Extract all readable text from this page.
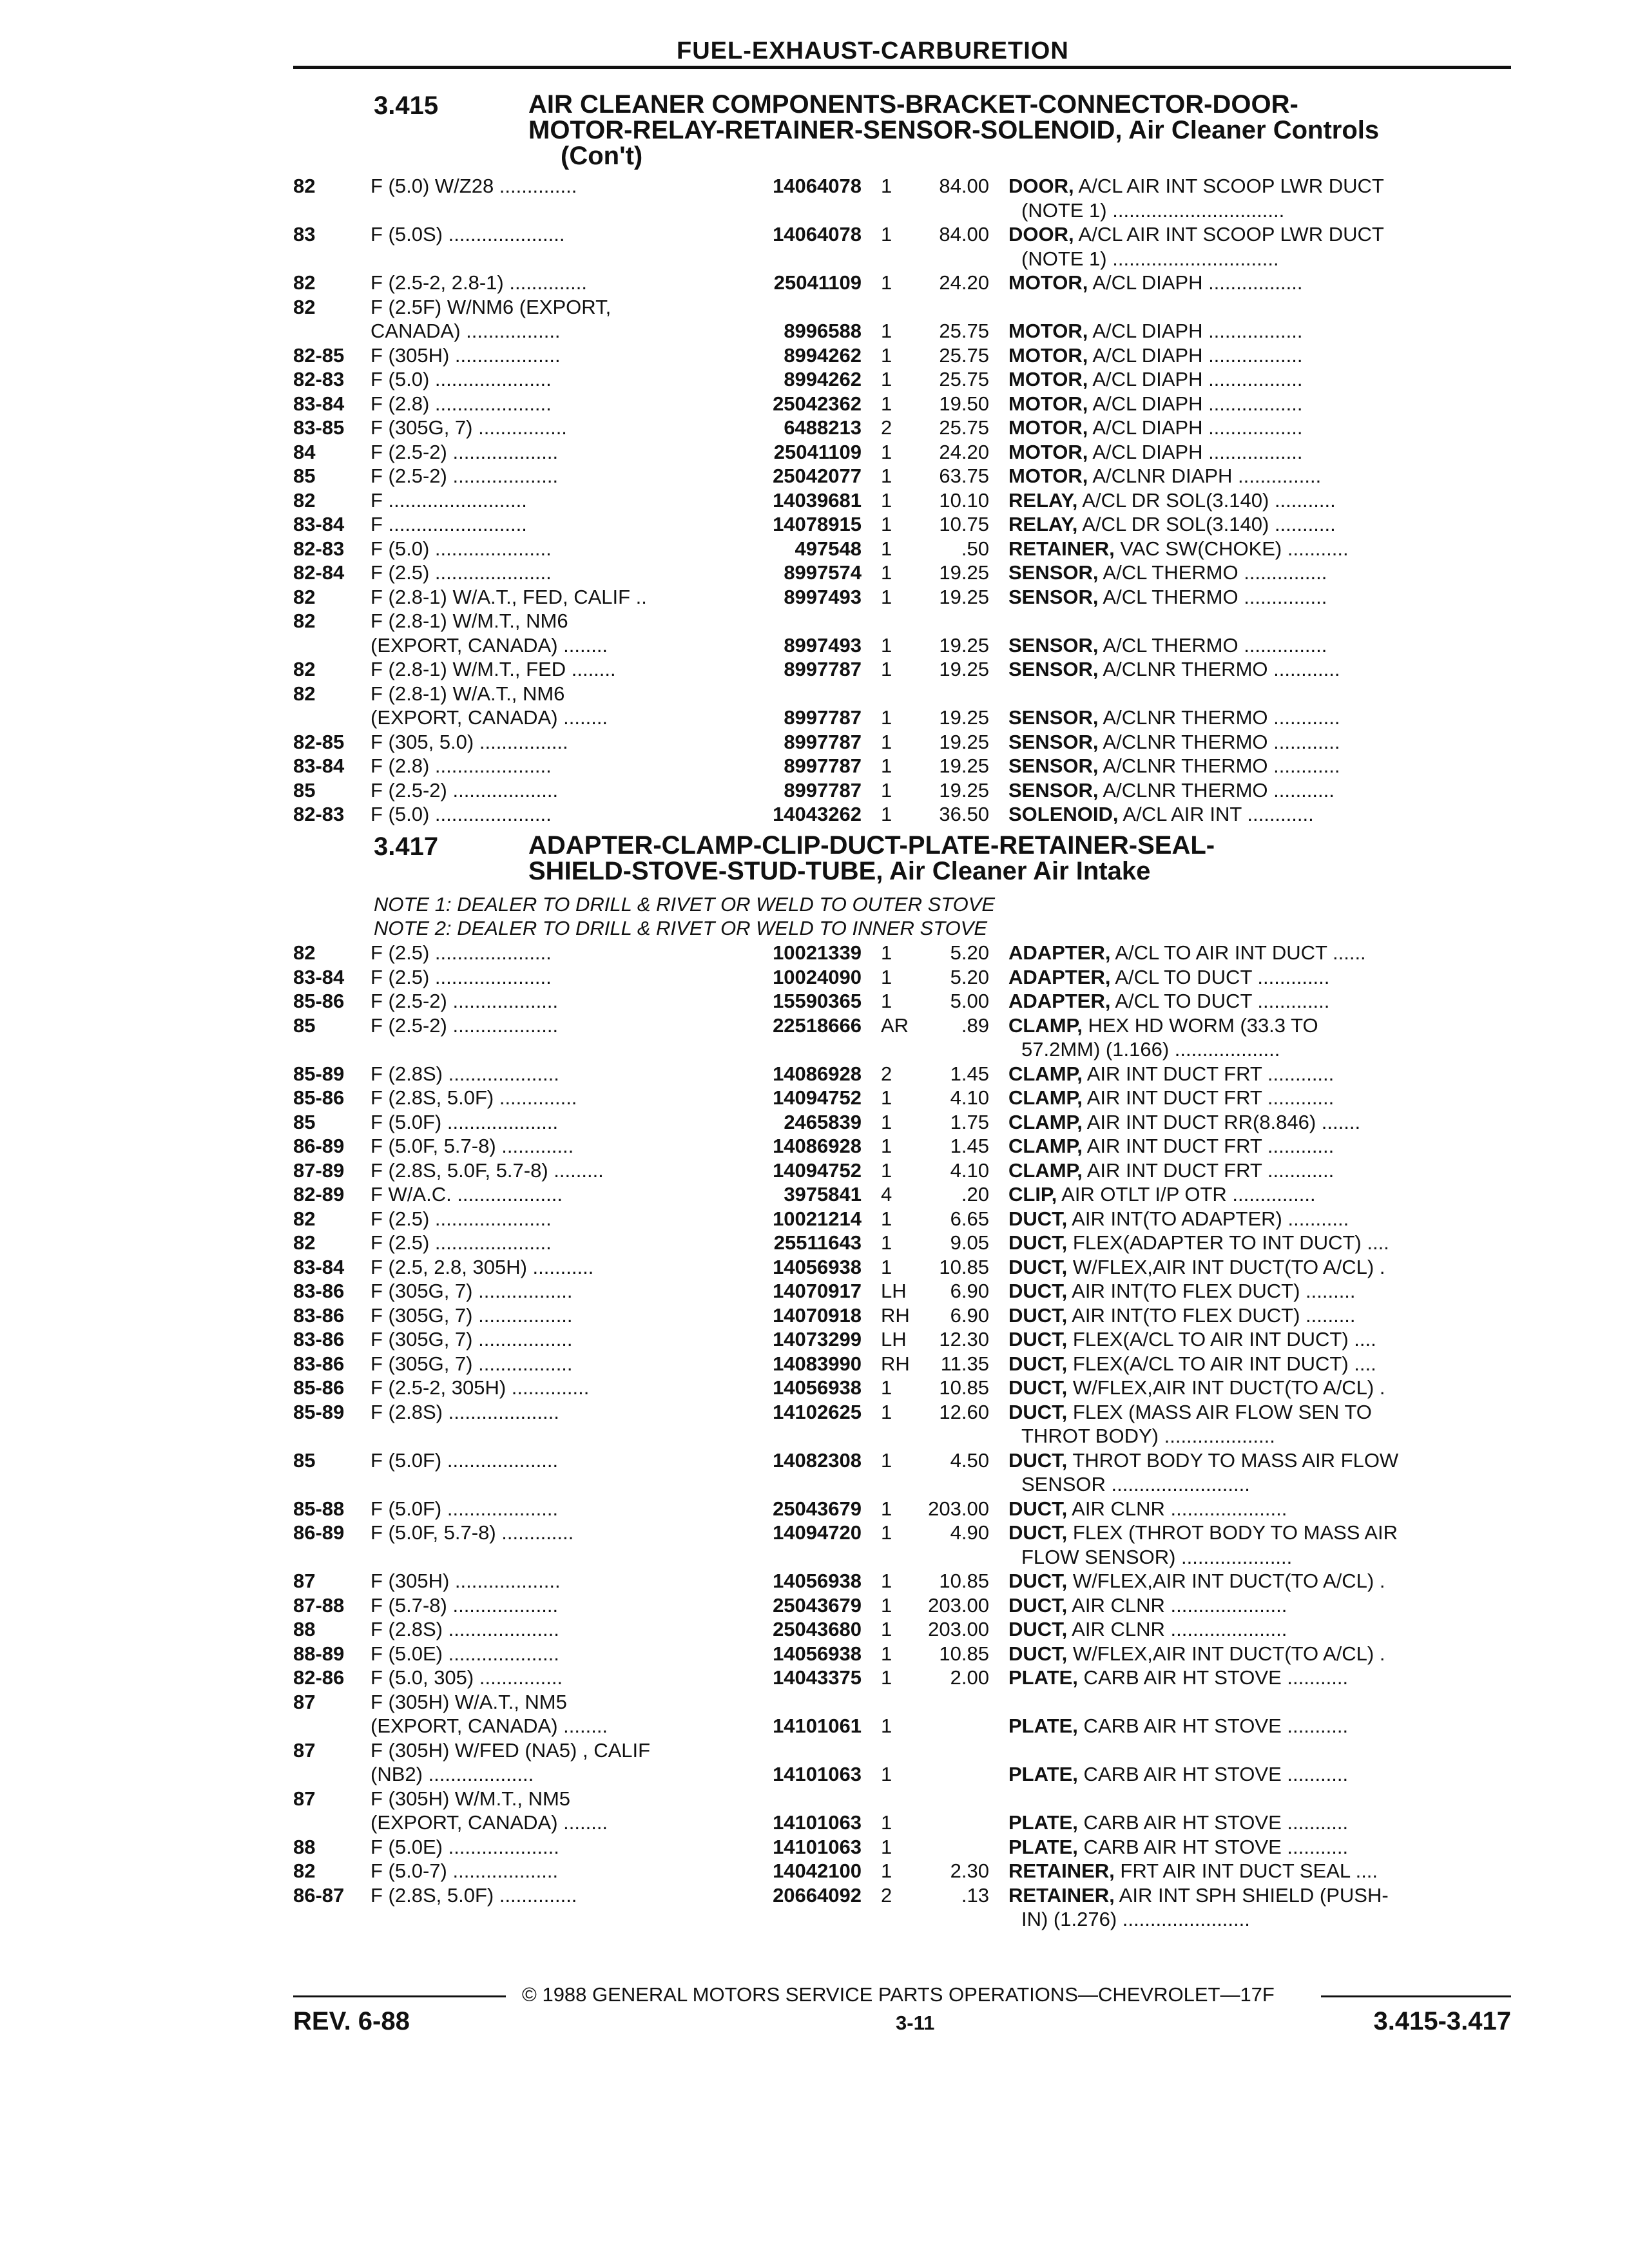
FUEL-EXHAUST-CARBURETION
3.415	AIR CLEANER COMPONENTS-BRACKET-CONNECTOR-DOOR-
MOTOR-RELAY-RETAINER-SENSOR-SOLENOID, Air Cleaner Controls
(Con't)
82	F (5.0) W/Z28 ..............	14064078 1	84.00 DOOR, A/CL AIR INT SCOOP LWR DUCT
(NOTE 1) ...............................
83	F (5.0S) .....................	14064078 1	84.00 DOOR, A/CL AIR INT SCOOP LWR DUCT
(NOTE 1) ..............................
82	F (2.5-2, 2.8-1) ..............	25041109 1	24.20 MOTOR, A/CL DIAPH .................
82	F (2.5F) W/NM6 (EXPORT,
CANADA) .................	8996588 1	25.75 MOTOR, A/CL DIAPH .................
82-85	F (305H) ...................	8994262 1	25.75 MOTOR, A/CL DIAPH .................
82-83	F (5.0) .....................	8994262 1	25.75 MOTOR, A/CL DIAPH .................
83-84	F (2.8) .....................	25042362 1	19.50 MOTOR, A/CL DIAPH .................
83-85	F (305G, 7) ................	6488213 2	25.75 MOTOR, A/CL DIAPH .................
84	F (2.5-2) ...................	25041109 1	24.20 MOTOR, A/CL DIAPH .................
85	F (2.5-2) ...................	25042077 1	63.75 MOTOR, A/CLNR DIAPH ...............
82	F .........................	14039681 1	10.10 RELAY, A/CL DR SOL(3.140) ...........
83-84	F .........................	14078915 1	10.75 RELAY, A/CL DR SOL(3.140) ...........
82-83	F (5.0) .....................	497548 1	.50 RETAINER, VAC SW(CHOKE) ...........
82-84	F (2.5) .....................	8997574 1	19.25 SENSOR, A/CL THERMO ...............
82	F (2.8-1) W/A.T., FED, CALIF ..	8997493 1	19.25 SENSOR, A/CL THERMO ...............
82	F (2.8-1) W/M.T., NM6
(EXPORT, CANADA) ........	8997493 1	19.25 SENSOR, A/CL THERMO ...............
82	F (2.8-1) W/M.T., FED ........	8997787 1	19.25 SENSOR, A/CLNR THERMO ............
82	F (2.8-1) W/A.T., NM6
(EXPORT, CANADA) ........	8997787 1	19.25 SENSOR, A/CLNR THERMO ............
82-85	F (305, 5.0) ................	8997787 1	19.25 SENSOR, A/CLNR THERMO ............
83-84	F (2.8) .....................	8997787 1	19.25 SENSOR, A/CLNR THERMO ............
85	F (2.5-2) ...................	8997787 1	19.25 SENSOR, A/CLNR THERMO ...........
82-83	F (5.0) .....................	14043262 1	36.50 SOLENOID, A/CL AIR INT ............
3.417	ADAPTER-CLAMP-CLIP-DUCT-PLATE-RETAINER-SEAL-
SHIELD-STOVE-STUD-TUBE, Air Cleaner Air Intake
NOTE 1: DEALER TO DRILL & RIVET OR WELD TO OUTER STOVE
NOTE 2: DEALER TO DRILL & RIVET OR WELD TO INNER STOVE
82	F (2.5) .....................	10021339 1	5.20 ADAPTER, A/CL TO AIR INT DUCT ......
83-84	F (2.5) .....................	10024090 1	5.20 ADAPTER, A/CL TO DUCT .............
85-86	F (2.5-2) ...................	15590365 1	5.00 ADAPTER, A/CL TO DUCT .............
85	F (2.5-2) ...................	22518666 AR	.89 CLAMP, HEX HD WORM (33.3 TO
57.2MM) (1.166) ...................
85-89	F (2.8S) ....................	14086928 2	1.45 CLAMP, AIR INT DUCT FRT ............
85-86	F (2.8S, 5.0F) ..............	14094752 1	4.10 CLAMP, AIR INT DUCT FRT ............
85	F (5.0F) ....................	2465839 1	1.75 CLAMP, AIR INT DUCT RR(8.846) .......
86-89	F (5.0F, 5.7-8) .............	14086928 1	1.45 CLAMP, AIR INT DUCT FRT ............
87-89	F (2.8S, 5.0F, 5.7-8) .........	14094752 1	4.10 CLAMP, AIR INT DUCT FRT ............
82-89	F W/A.C. ...................	3975841 4	.20 CLIP, AIR OTLT I/P OTR ...............
82	F (2.5) .....................	10021214 1	6.65 DUCT, AIR INT(TO ADAPTER) ...........
82	F (2.5) .....................	25511643 1	9.05 DUCT, FLEX(ADAPTER TO INT DUCT) ....
83-84	F (2.5, 2.8, 305H) ...........	14056938 1	10.85 DUCT, W/FLEX,AIR INT DUCT(TO A/CL) .
83-86	F (305G, 7) .................	14070917 LH	6.90 DUCT, AIR INT(TO FLEX DUCT) .........
83-86	F (305G, 7) .................	14070918 RH	6.90 DUCT, AIR INT(TO FLEX DUCT) .........
83-86	F (305G, 7) .................	14073299 LH	12.30 DUCT, FLEX(A/CL TO AIR INT DUCT) ....
83-86	F (305G, 7) .................	14083990 RH	11.35 DUCT, FLEX(A/CL TO AIR INT DUCT) ....
85-86	F (2.5-2, 305H) ..............	14056938 1	10.85 DUCT, W/FLEX,AIR INT DUCT(TO A/CL) .
85-89	F (2.8S) ....................	14102625 1	12.60 DUCT, FLEX (MASS AIR FLOW SEN TO
THROT BODY) ....................
85	F (5.0F) ....................	14082308 1	4.50 DUCT, THROT BODY TO MASS AIR FLOW
SENSOR .........................
85-88	F (5.0F) ....................	25043679 1	203.00 DUCT, AIR CLNR .....................
86-89	F (5.0F, 5.7-8) .............	14094720 1	4.90 DUCT, FLEX (THROT BODY TO MASS AIR
FLOW SENSOR) ....................
87	F (305H) ...................	14056938 1	10.85 DUCT, W/FLEX,AIR INT DUCT(TO A/CL) .
87-88	F (5.7-8) ...................	25043679 1	203.00 DUCT, AIR CLNR .....................
88	F (2.8S) ....................	25043680 1	203.00 DUCT, AIR CLNR .....................
88-89	F (5.0E) ....................	14056938 1	10.85 DUCT, W/FLEX,AIR INT DUCT(TO A/CL) .
82-86	F (5.0, 305) ...............	14043375 1	2.00 PLATE, CARB AIR HT STOVE ...........
87	F (305H) W/A.T., NM5
(EXPORT, CANADA) ........	14101061 1	PLATE, CARB AIR HT STOVE ...........
87	F (305H) W/FED (NA5) , CALIF
(NB2) ...................	14101063 1	PLATE, CARB AIR HT STOVE ...........
87	F (305H) W/M.T., NM5
(EXPORT, CANADA) ........	14101063 1	PLATE, CARB AIR HT STOVE ...........
88	F (5.0E) ....................	14101063 1	PLATE, CARB AIR HT STOVE ...........
82	F (5.0-7) ...................	14042100 1	2.30 RETAINER, FRT AIR INT DUCT SEAL ....
86-87	F (2.8S, 5.0F) ..............	20664092 2	.13 RETAINER, AIR INT SPH SHIELD (PUSH-
IN) (1.276) .......................
© 1988 GENERAL MOTORS SERVICE PARTS OPERATIONS—CHEVROLET—17F
REV. 6-88	3-11	3.415-3.417
